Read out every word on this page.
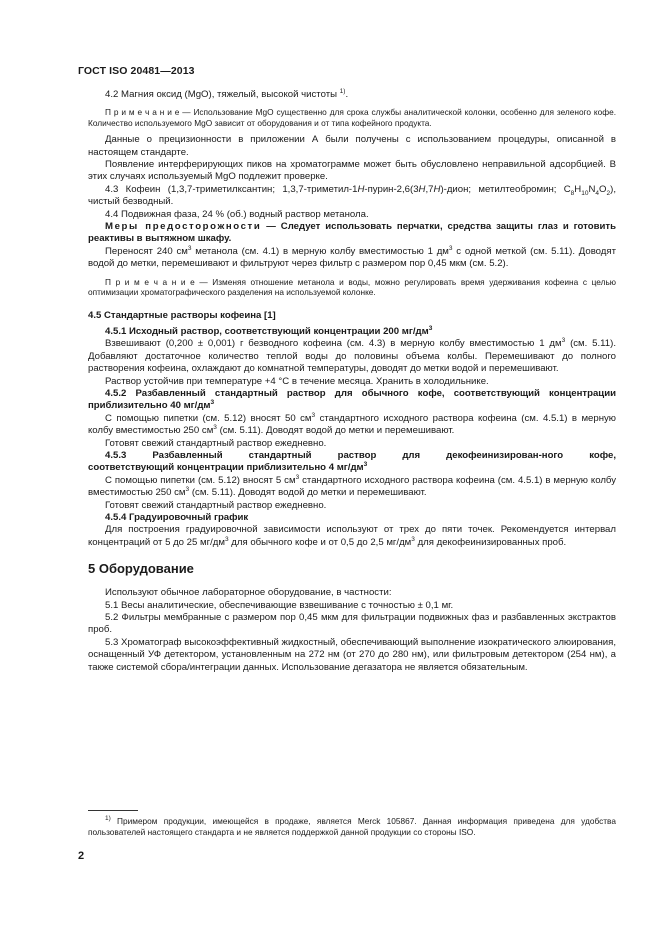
ГОСТ ISO 20481—2013

4.2 Магния оксид (MgO), тяжелый, высокой чистоты $^{1)}$.

П р и м е ч а н и е — Использование MgO существенно для срока службы аналитической колонки, особенно для зеленого кофе. Количество используемого MgO зависит от оборудования и от типа кофейного продукта.

Данные о прецизионности в приложении А были получены с использованием процедуры, описанной в настоящем стандарте.

Появление интерферирующих пиков на хроматограмме может быть обусловлено неправильной адсорбцией. В этих случаях используемый MgO подлежит проверке.

4.3 Кофеин (1,3,7-триметилксантин; 1,3,7-триметил-1H-пурин-2,6(3H,7H)-дион; метилтеобромин; $C_8H_{10}N_4O_2$), чистый безводный.

4.4 Подвижная фаза, 24 % (об.) водный раствор метанола.

Меры предосторожности — Следует использовать перчатки, средства защиты глаз и готовить реактивы в вытяжном шкафу.

Переносят 240 $см^3$ метанола (см. 4.1) в мерную колбу вместимостью 1 $дм^3$ с одной меткой (см. 5.11). Доводят водой до метки, перемешивают и фильтруют через фильтр с размером пор 0,45 мкм (см. 5.2).

П р и м е ч а н и е — Изменяя отношение метанола и воды, можно регулировать время удерживания кофеина с целью оптимизации хроматографического разделения на используемой колонке.

4.5 Стандартные растворы кофеина [1]

4.5.1 Исходный раствор, соответствующий концентрации 200 $мг/дм^3$

Взвешивают (0,200 ± 0,001) г безводного кофеина (см. 4.3) в мерную колбу вместимостью 1 $дм^3$ (см. 5.11). Добавляют достаточное количество теплой воды до половины объема колбы. Перемешивают до полного растворения кофеина, охлаждают до комнатной температуры, доводят до метки водой и перемешивают.

Раствор устойчив при температуре +4 °С в течение месяца. Хранить в холодильнике.

4.5.2 Разбавленный стандартный раствор для обычного кофе, соответствующий концентрации приблизительно 40 $мг/дм^3$

С помощью пипетки (см. 5.12) вносят 50 $см^3$ стандартного исходного раствора кофеина (см. 4.5.1) в мерную колбу вместимостью 250 $см^3$ (см. 5.11). Доводят водой до метки и перемешивают.

Готовят свежий стандартный раствор ежедневно.

4.5.3 Разбавленный стандартный раствор для декофеинизирован-ного кофе,

соответствующий концентрации приблизительно 4 $мг/дм^3$

С помощью пипетки (см. 5.12) вносят 5 $см^3$ стандартного исходного раствора кофеина (см. 4.5.1) в мерную колбу вместимостью 250 $см^3$ (см. 5.11). Доводят водой до метки и перемешивают.

Готовят свежий стандартный раствор ежедневно.

4.5.4 Градуировочный график

Для построения градуировочной зависимости используют от трех до пяти точек. Рекомендуется интервал концентраций от 5 до 25 $мг/дм^3$ для обычного кофе и от 0,5 до 2,5 $мг/дм^3$ для декофеинизированных проб.

5 Оборудование

Используют обычное лабораторное оборудование, в частности:

5.1 Весы аналитические, обеспечивающие взвешивание с точностью ± 0,1 мг.

5.2 Фильтры мембранные с размером пор 0,45 мкм для фильтрации подвижных фаз и разбавленных экстрактов проб.

5.3 Хроматограф высокоэффективный жидкостный, обеспечивающий выполнение изократического элюирования, оснащенный УФ детектором, установленным на 272 нм (от 270 до 280 нм), или фильтровым детектором (254 нм), а также системой сбора/интеграции данных. Использование дегазатора не является обязательным.

$^{1)}$ Примером продукции, имеющейся в продаже, является Merck 105867. Данная информация приведена для удобства пользователей настоящего стандарта и не является поддержкой данной продукции со стороны ISO.
2
